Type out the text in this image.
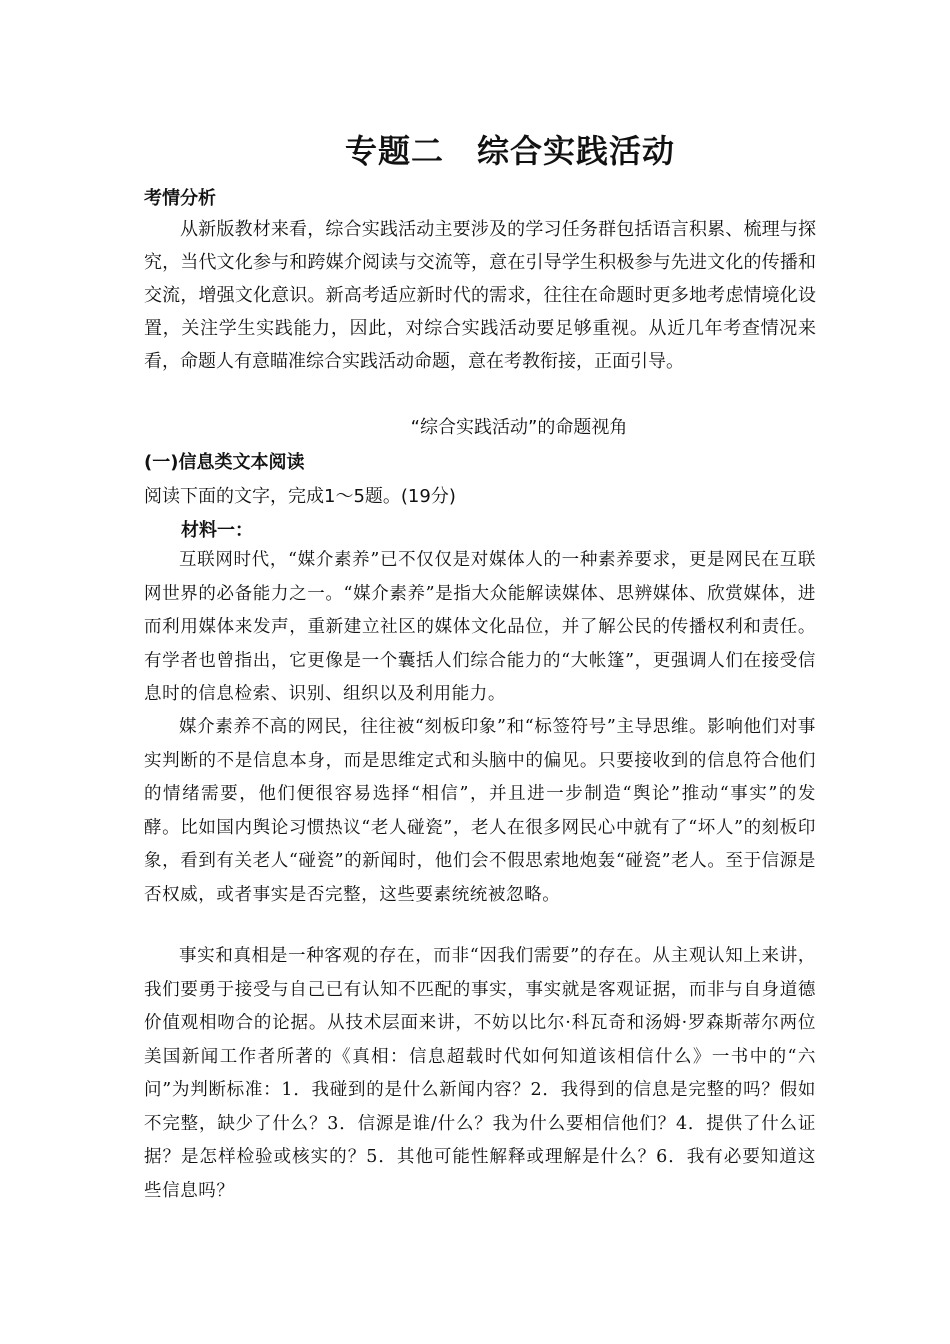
专题二　综合实践活动
考情分析
从新版教材来看，综合实践活动主要涉及的学习任务群包括语言积累、梳理与探究，当代文化参与和跨媒介阅读与交流等，意在引导学生积极参与先进文化的传播和交流，增强文化意识。新高考适应新时代的需求，往往在命题时更多地考虑情境化设置，关注学生实践能力，因此，对综合实践活动要足够重视。从近几年考查情况来看，命题人有意瞄准综合实践活动命题，意在考教衔接，正面引导。
“综合实践活动”的命题视角
(一)信息类文本阅读
阅读下面的文字，完成1～5题。(19分)
材料一：
互联网时代，“媒介素养”已不仅仅是对媒体人的一种素养要求，更是网民在互联网世界的必备能力之一。“媒介素养”是指大众能解读媒体、思辨媒体、欣赏媒体，进而利用媒体来发声，重新建立社区的媒体文化品位，并了解公民的传播权利和责任。有学者也曾指出，它更像是一个囊括人们综合能力的“大帐篷”，更强调人们在接受信息时的信息检索、识别、组织以及利用能力。
媒介素养不高的网民，往往被“刻板印象”和“标签符号”主导思维。影响他们对事实判断的不是信息本身，而是思维定式和头脑中的偏见。只要接收到的信息符合他们的情绪需要，他们便很容易选择“相信”，并且进一步制造“舆论”推动“事实”的发酵。比如国内舆论习惯热议“老人碰瓷”，老人在很多网民心中就有了“坏人”的刻板印象，看到有关老人“碰瓷”的新闻时，他们会不假思索地炮轰“碰瓷”老人。至于信源是否权威，或者事实是否完整，这些要素统统被忽略。
事实和真相是一种客观的存在，而非“因我们需要”的存在。从主观认知上来讲，我们要勇于接受与自己已有认知不匹配的事实，事实就是客观证据，而非与自身道德价值观相吻合的论据。从技术层面来讲，不妨以比尔·科瓦奇和汤姆·罗森斯蒂尔两位美国新闻工作者所著的《真相：信息超载时代如何知道该相信什么》一书中的“六问”为判断标准：1．我碰到的是什么新闻内容？2．我得到的信息是完整的吗？假如不完整，缺少了什么？3．信源是谁/什么？我为什么要相信他们？4．提供了什么证据？是怎样检验或核实的？5．其他可能性解释或理解是什么？6．我有必要知道这些信息吗？
